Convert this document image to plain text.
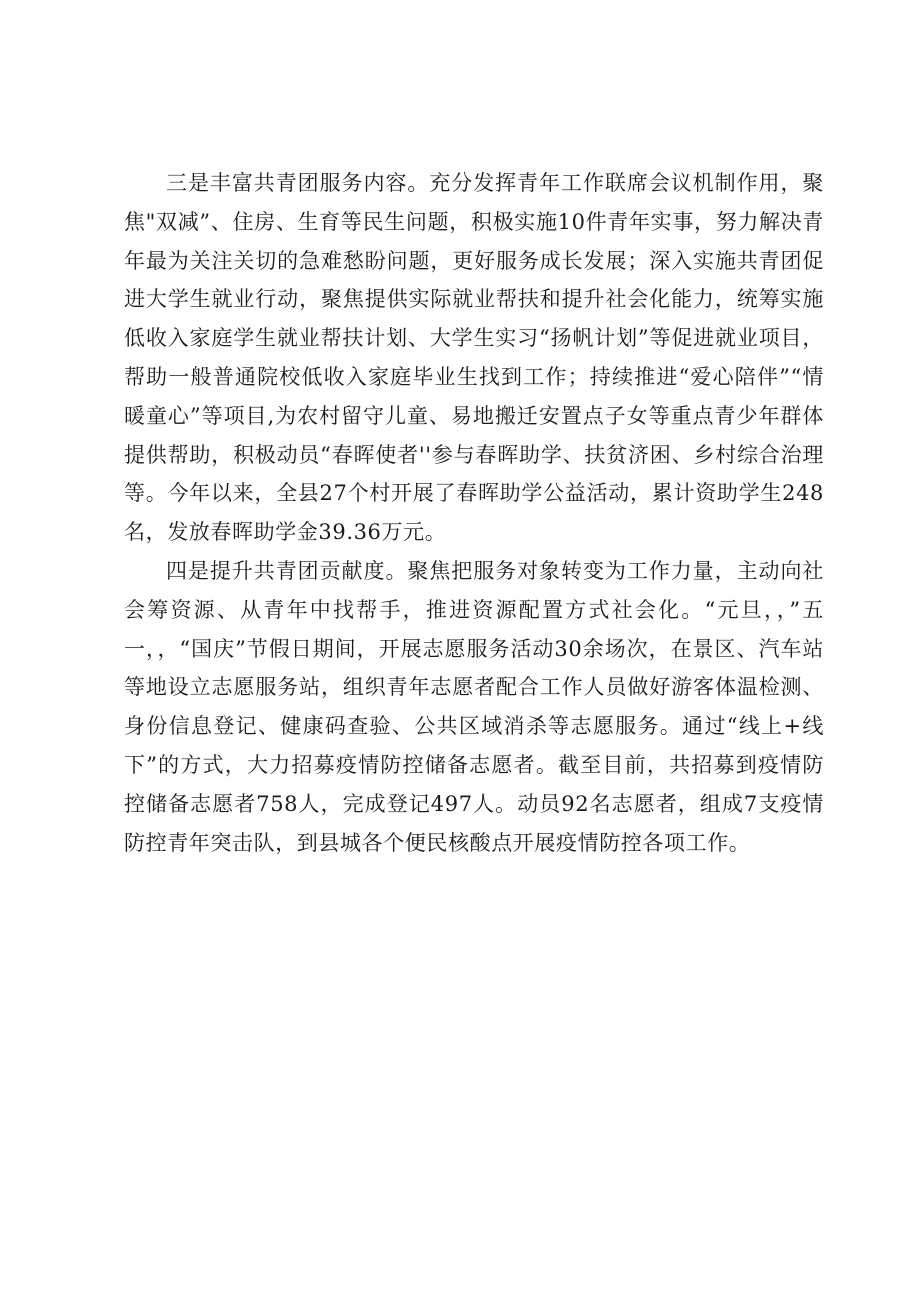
三是丰富共青团服务内容。充分发挥青年工作联席会议机制作用，聚焦"双减”、住房、生育等民生问题，积极实施10件青年实事，努力解决青年最为关注关切的急难愁盼问题，更好服务成长发展；深入实施共青团促进大学生就业行动，聚焦提供实际就业帮扶和提升社会化能力，统筹实施低收入家庭学生就业帮扶计划、大学生实习“扬帆计划”等促进就业项目，帮助一般普通院校低收入家庭毕业生找到工作；持续推进“爱心陪伴”“情暖童心”等项目,为农村留守儿童、易地搬迁安置点子女等重点青少年群体提供帮助，积极动员“春晖使者''参与春晖助学、扶贫济困、乡村综合治理等。今年以来，全县27个村开展了春晖助学公益活动，累计资助学生248名，发放春晖助学金39.36万元。

四是提升共青团贡献度。聚焦把服务对象转变为工作力量，主动向社会筹资源、从青年中找帮手，推进资源配置方式社会化。“元旦，，”五一，，“国庆”节假日期间，开展志愿服务活动30余场次，在景区、汽车站等地设立志愿服务站，组织青年志愿者配合工作人员做好游客体温检测、身份信息登记、健康码查验、公共区域消杀等志愿服务。通过“线上+线下”的方式，大力招募疫情防控储备志愿者。截至目前，共招募到疫情防控储备志愿者758人，完成登记497人。动员92名志愿者，组成7支疫情防控青年突击队，到县城各个便民核酸点开展疫情防控各项工作。
